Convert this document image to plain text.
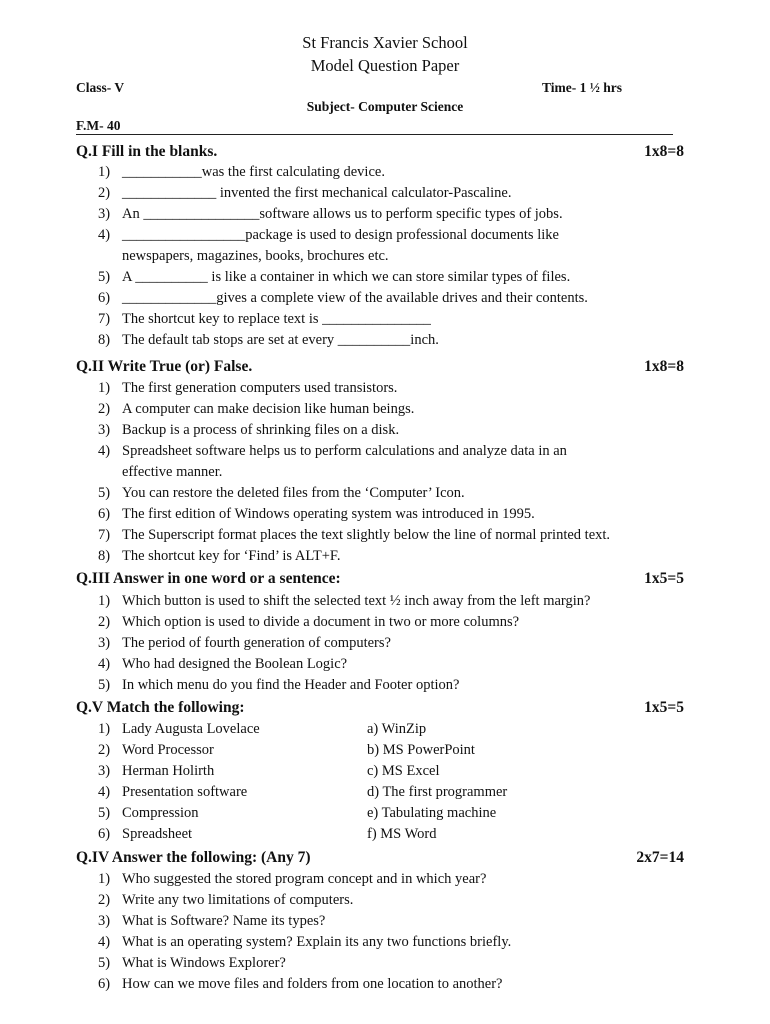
St Francis Xavier School
Model Question Paper
Class- V	Time- 1 ½ hrs
Subject- Computer Science
F.M- 40
Q.I Fill in the blanks.	1x8=8
1) ___________was the first calculating device.
2) _____________ invented the first mechanical calculator-Pascaline.
3) An ________________software allows us to perform specific types of jobs.
4) _________________package is used to design professional documents like
newspapers, magazines, books, brochures etc.
5) A __________ is like a container in which we can store similar types of files.
6) _____________gives a complete view of the available drives and their contents.
7) The shortcut key to replace text is _______________
8) The default tab stops are set at every __________inch.
Q.II Write True (or) False.	1x8=8
1) The first generation computers used transistors.
2) A computer can make decision like human beings.
3) Backup is a process of shrinking files on a disk.
4) Spreadsheet software helps us to perform calculations and analyze data in an
effective manner.
5) You can restore the deleted files from the ‘Computer’ Icon.
6) The first edition of Windows operating system was introduced in 1995.
7) The Superscript format places the text slightly below the line of normal printed text.
8) The shortcut key for ‘Find’ is ALT+F.
Q.III Answer in one word or a sentence:	1x5=5
1) Which button is used to shift the selected text ½ inch away from the left margin?
2) Which option is used to divide a document in two or more columns?
3) The period of fourth generation of computers?
4) Who had designed the Boolean Logic?
5) In which menu do you find the Header and Footer option?
Q.V Match the following:	1x5=5
1) Lady Augusta Lovelace	a) WinZip
2) Word Processor	b) MS PowerPoint
3) Herman Holirth	c) MS Excel
4) Presentation software	d) The first programmer
5) Compression	e) Tabulating machine
6) Spreadsheet	f) MS Word
Q.IV Answer the following: (Any 7)	2x7=14
1) Who suggested the stored program concept and in which year?
2) Write any two limitations of computers.
3) What is Software? Name its types?
4) What is an operating system? Explain its any two functions briefly.
5) What is Windows Explorer?
6) How can we move files and folders from one location to another?
